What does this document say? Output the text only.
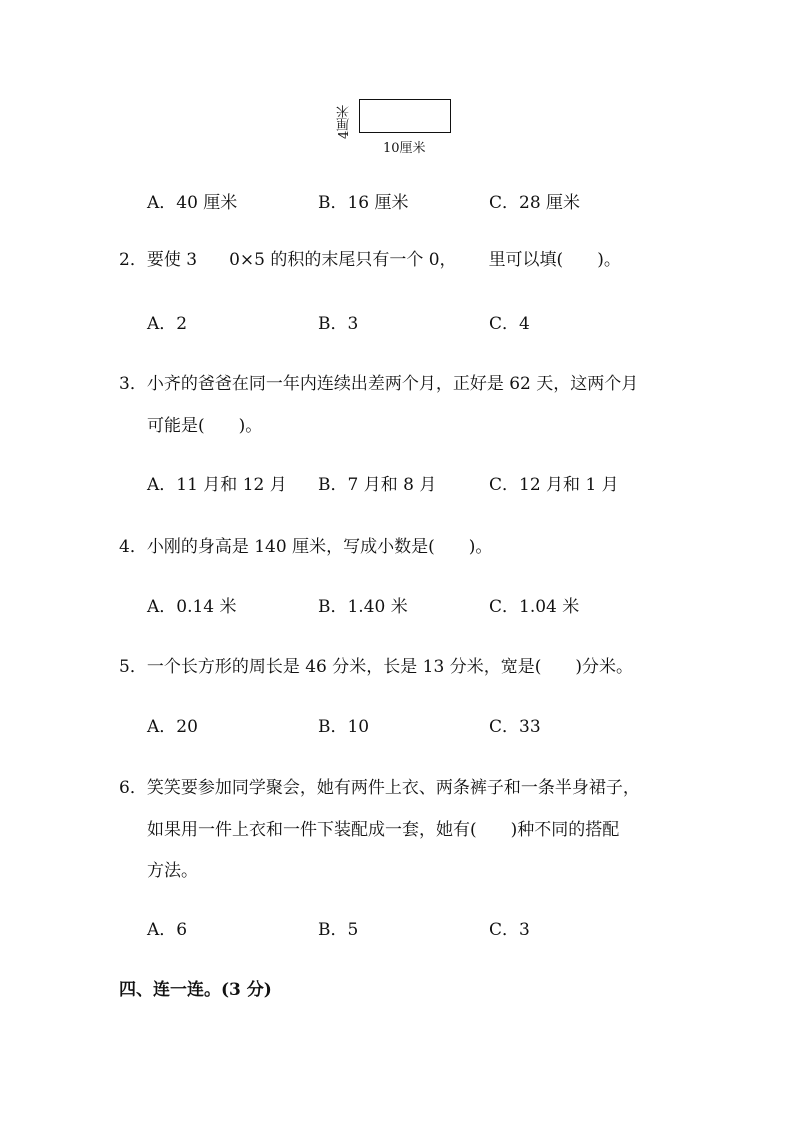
4厘米
10厘米
A．40 厘米	B．16 厘米	C．28 厘米
2．要使 3 0×5 的积的末尾只有一个 0， 里可以填(　　)。
A．2	B．3	C．4
3．小齐的爸爸在同一年内连续出差两个月，正好是 62 天，这两个月
可能是(　　)。
A．11 月和 12 月 B．7 月和 8 月	C．12 月和 1 月
4．小刚的身高是 140 厘米，写成小数是(　　)。
A．0.14 米	B．1.40 米	C．1.04 米
5．一个长方形的周长是 46 分米，长是 13 分米，宽是(　　)分米。
A．20	B．10	C．33
6．笑笑要参加同学聚会，她有两件上衣、两条裤子和一条半身裙子，
如果用一件上衣和一件下装配成一套，她有(　　)种不同的搭配
方法。
A．6	B．5	C．3
四、连一连。(3 分)
